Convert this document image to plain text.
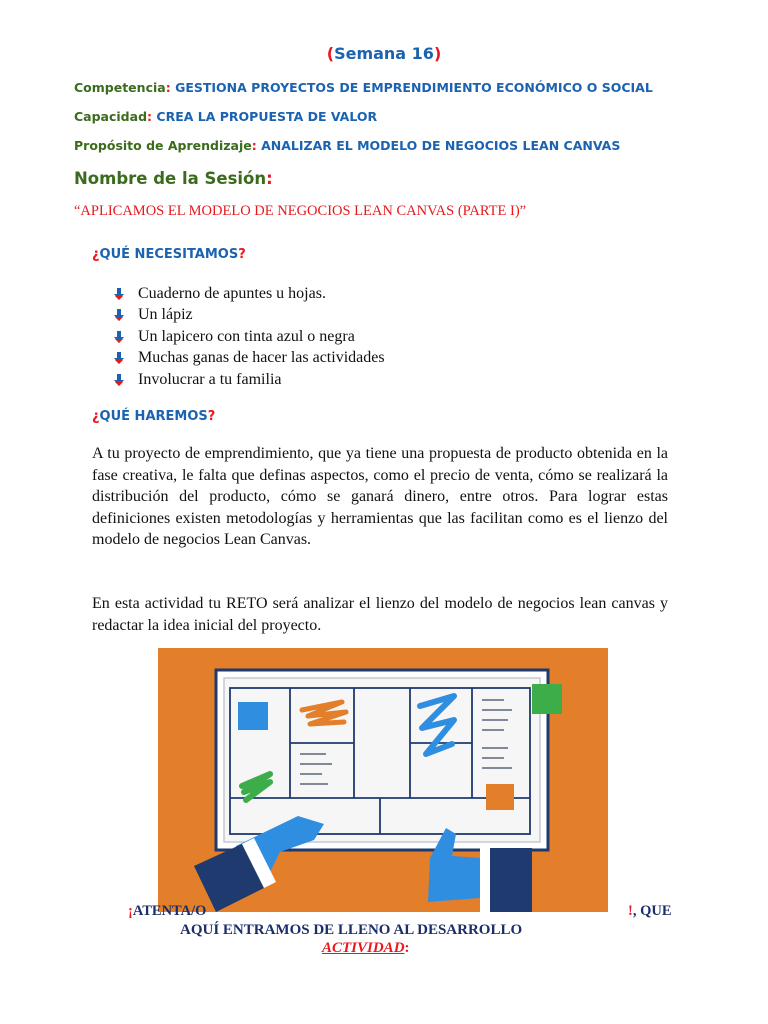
(Semana 16)
Competencia: GESTIONA PROYECTOS DE EMPRENDIMIENTO ECONÓMICO O SOCIAL
Capacidad: CREA LA PROPUESTA DE VALOR
Propósito de Aprendizaje: ANALIZAR EL MODELO DE NEGOCIOS LEAN CANVAS
Nombre de la Sesión:
“APLICAMOS EL MODELO DE NEGOCIOS LEAN CANVAS (PARTE I)”
¿QUÉ NECESITAMOS?
Cuaderno de apuntes u hojas.
Un lápiz
Un lapicero con tinta azul o negra
Muchas ganas de hacer las actividades
Involucrar a tu familia
¿QUÉ HAREMOS?
A tu proyecto de emprendimiento, que ya tiene una propuesta de producto obtenida en la fase creativa, le falta que definas aspectos, como el precio de venta, cómo se realizará la distribución del producto, cómo se ganará dinero, entre otros. Para lograr estas definiciones existen metodologías y herramientas que las facilitan como es el lienzo del modelo de negocios Lean Canvas.
En esta actividad tu RETO será analizar el lienzo del modelo de negocios lean canvas y redactar la idea inicial del proyecto.
¡ATENTA/O	!, QUE
AQUÍ ENTRAMOS DE LLENO AL DESARROLLO
ACTIVIDAD:
